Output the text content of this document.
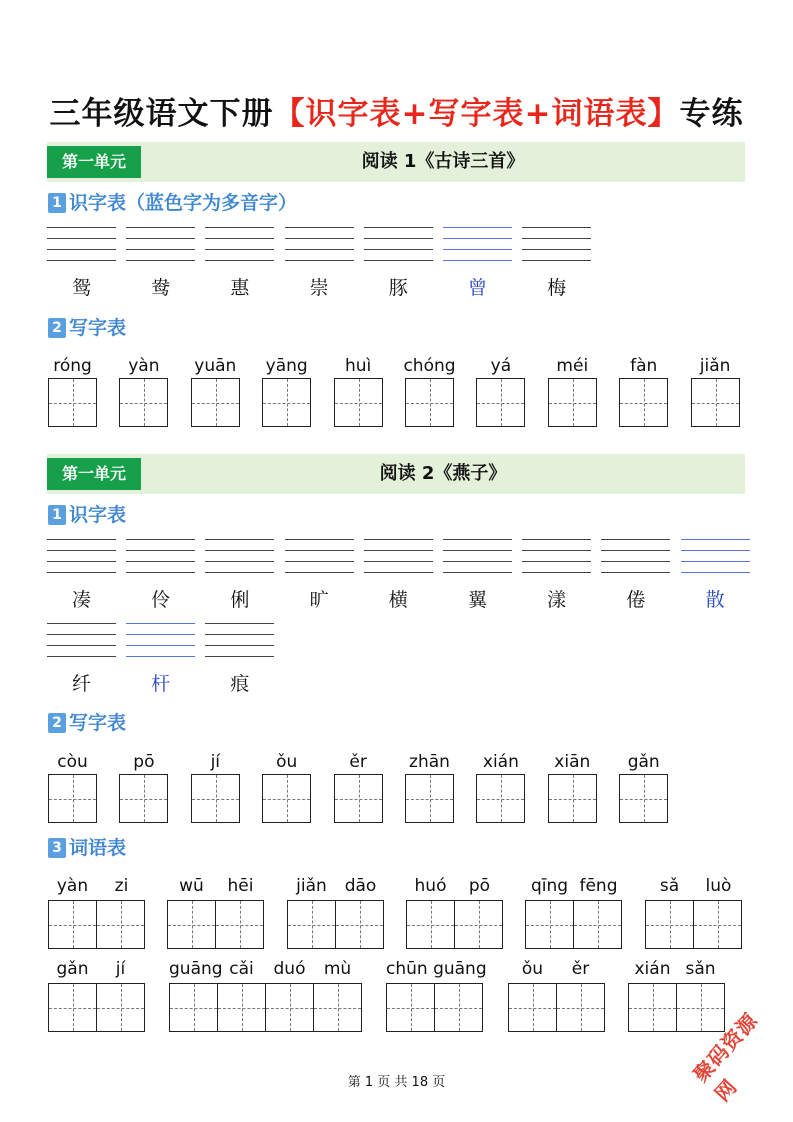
三年级语文下册【识字表+写字表+词语表】专练
第一单元	阅读 1《古诗三首》
1 识字表（蓝色字为多音字）
鸳	鸯	惠	崇	豚	曾	梅
2 写字表
róng	yàn	yuān	yāng	huì	chóng	yá	méi	fàn	jiǎn
第一单元	阅读 2《燕子》
1 识字表
凑	伶	俐	旷	横	翼	漾	倦	散
纤	杆	痕
2 写字表
còu	pō	jí	ǒu	ěr	zhān	xián	xiān	gǎn
3 词语表
yàn	zi	wū	hēi	jiǎn	dāo	huó	pō	qīng fēng	sǎ	luò
gǎn	jí	guāng cǎi	duó	mù	chūn guāng	ǒu	ěr	xián sǎn
第 1 页 共 18 页	聚码资源网
